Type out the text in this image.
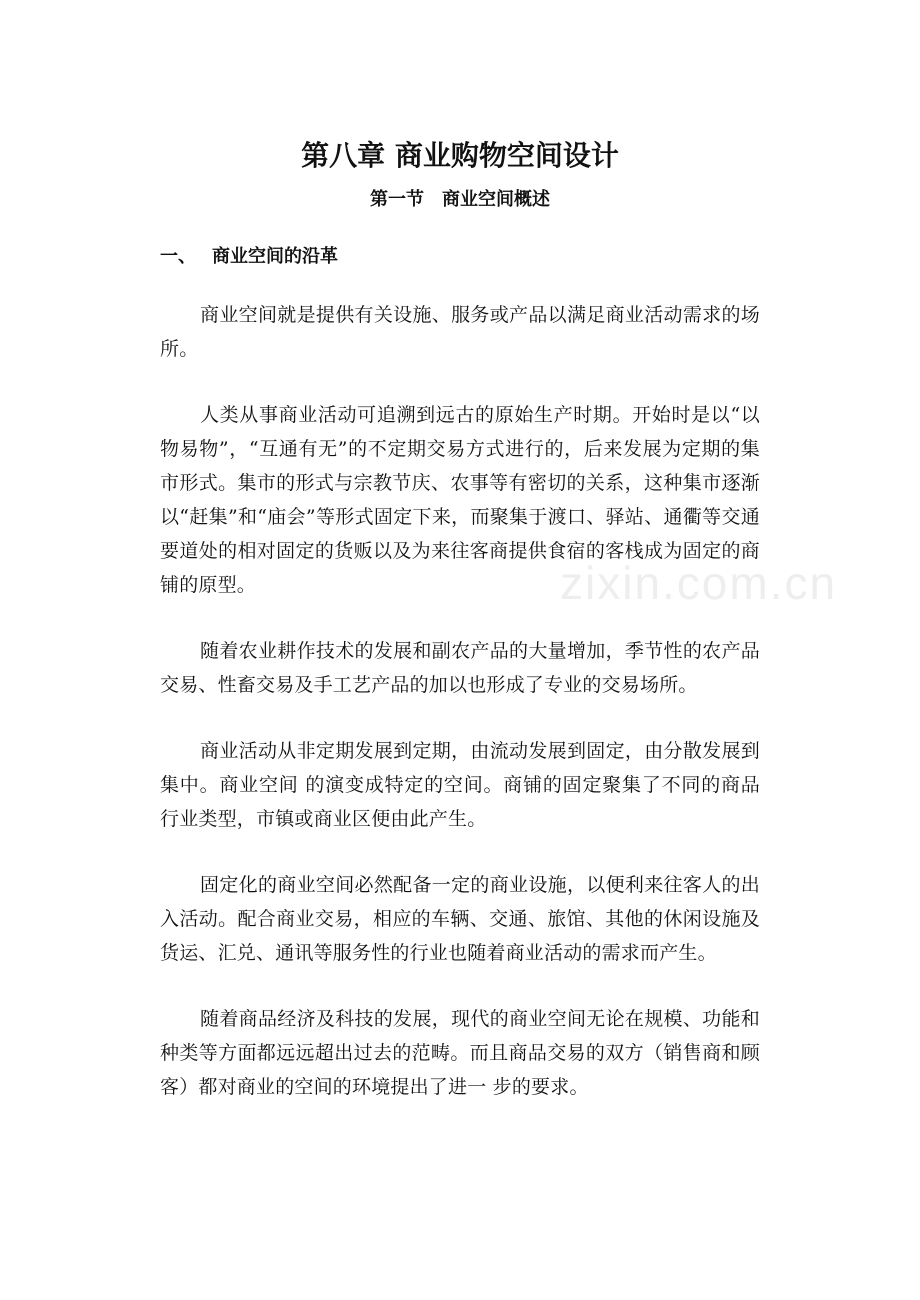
zixin.com.cn
第八章 商业购物空间设计
第一节　商业空间概述
一、 商业空间的沿革

商业空间就是提供有关设施、服务或产品以满足商业活动需求的场所。

人类从事商业活动可追溯到远古的原始生产时期。开始时是以“以物易物”，“互通有无”的不定期交易方式进行的，后来发展为定期的集市形式。集市的形式与宗教节庆、农事等有密切的关系，这种集市逐渐以“赶集”和“庙会”等形式固定下来，而聚集于渡口、驿站、通衢等交通要道处的相对固定的货贩以及为来往客商提供食宿的客栈成为固定的商铺的原型。

随着农业耕作技术的发展和副农产品的大量增加，季节性的农产品交易、性畜交易及手工艺产品的加以也形成了专业的交易场所。

商业活动从非定期发展到定期，由流动发展到固定，由分散发展到集中。商业空间 的演变成特定的空间。商铺的固定聚集了不同的商品行业类型，市镇或商业区便由此产生。

固定化的商业空间必然配备一定的商业设施，以便利来往客人的出入活动。配合商业交易，相应的车辆、交通、旅馆、其他的休闲设施及货运、汇兑、通讯等服务性的行业也随着商业活动的需求而产生。

随着商品经济及科技的发展，现代的商业空间无论在规模、功能和种类等方面都远远超出过去的范畴。而且商品交易的双方（销售商和顾客）都对商业的空间的环境提出了进一 步的要求。
